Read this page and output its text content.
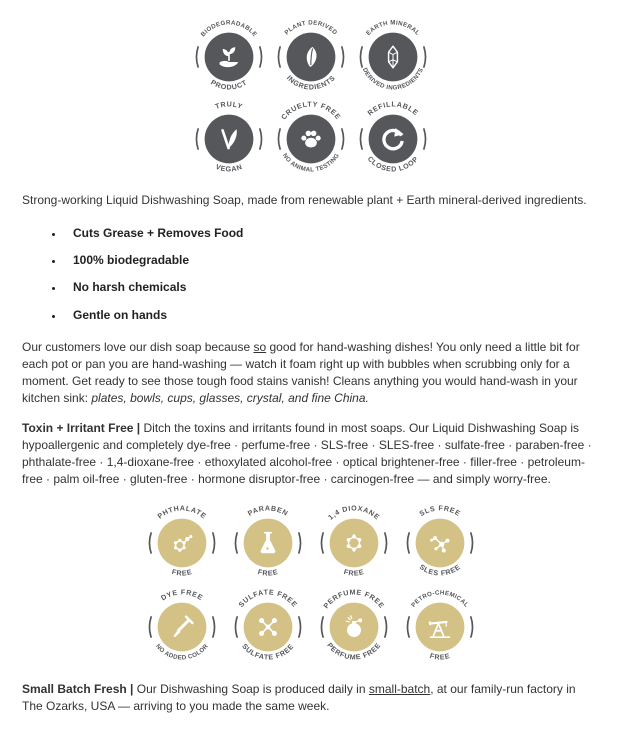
BIODEGRADABLE
PRODUCT
PLANT DERIVED
INGREDIENTS
EARTH MINERAL
DERIVED INGREDIENTS
TRULY
VEGAN
CRUELTY FREE
NO ANIMAL TESTING
REFILLABLE
CLOSED LOOP

Strong-working Liquid Dishwashing Soap, made from renewable plant + Earth mineral-derived ingredients.

• Cuts Grease + Removes Food
• 100% biodegradable
• No harsh chemicals
• Gentle on hands

Our customers love our dish soap because so good for hand-washing dishes! You only need a little bit for each pot or pan you are hand-washing — watch it foam right up with bubbles when scrubbing only for a moment. Get ready to see those tough food stains vanish! Cleans anything you would hand-wash in your kitchen sink: plates, bowls, cups, glasses, crystal, and fine China.

Toxin + Irritant Free | Ditch the toxins and irritants found in most soaps. Our Liquid Dishwashing Soap is hypoallergenic and completely dye-free · perfume-free · SLS-free · SLES-free · sulfate-free · paraben-free · phthalate-free · 1,4-dioxane-free · ethoxylated alcohol-free · optical brightener-free · filler-free · petroleum-free · palm oil-free · gluten-free · hormone disruptor-free · carcinogen-free — and simply worry-free.

PHTHALATE
FREE
PARABEN
FREE
1,4 DIOXANE
FREE
SLS FREE
SLES FREE
DYE FREE
NO ADDED COLOR
SULFATE FREE
SULFATE FREE
PERFUME FREE
PERFUME FREE
PETRO-CHEMICAL
FREE

Small Batch Fresh | Our Dishwashing Soap is produced daily in small-batch, at our family-run factory in The Ozarks, USA — arriving to you made the same week.
